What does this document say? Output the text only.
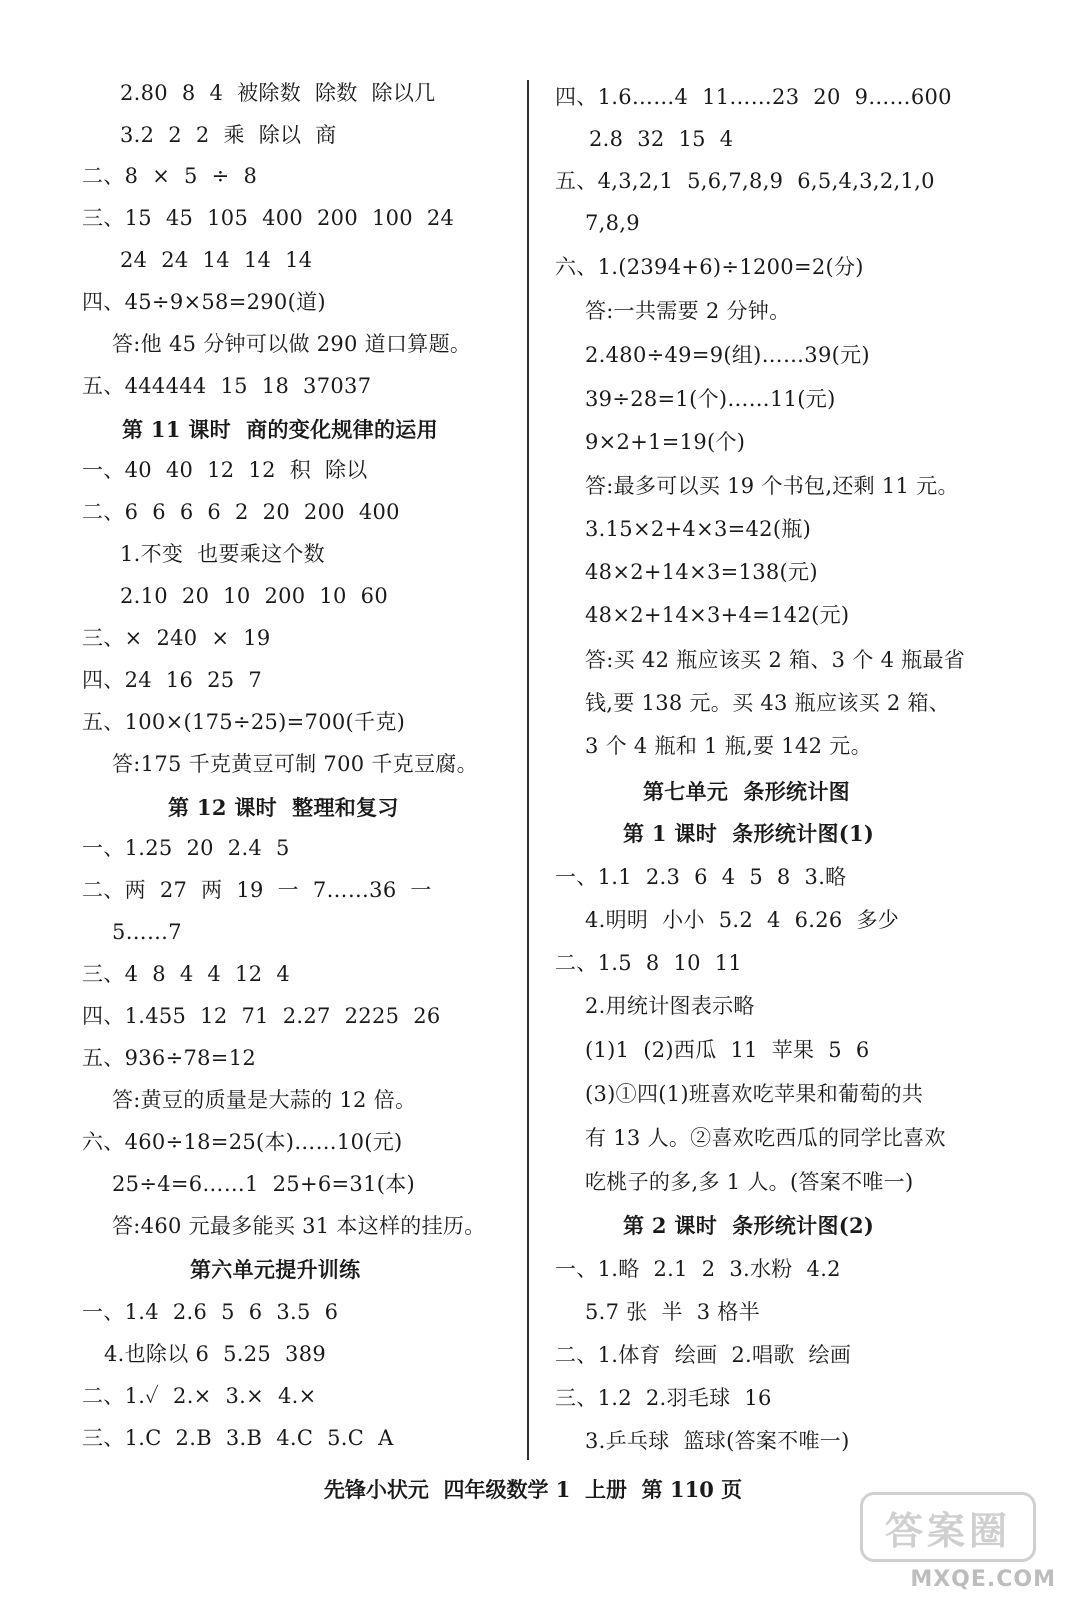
2.80  8  4  被除数  除数  除以几
3.2  2  2  乘  除以  商
二、8  ×  5  ÷  8
三、15  45  105  400  200  100  24
24  24  14  14  14
四、45÷9×58=290(道)
答:他 45 分钟可以做 290 道口算题。
五、444444  15  18  37037
第 11 课时  商的变化规律的运用
一、40  40  12  12  积  除以
二、6  6  6  6  2  20  200  400
1.不变  也要乘这个数
2.10  20  10  200  10  60
三、×  240  ×  19
四、24  16  25  7
五、100×(175÷25)=700(千克)
答:175 千克黄豆可制 700 千克豆腐。
第 12 课时  整理和复习
一、1.25  20  2.4  5
二、两  27  两  19  一  7……36  一
5……7
三、4  8  4  4  12  4
四、1.455  12  71  2.27  2225  26
五、936÷78=12
答:黄豆的质量是大蒜的 12 倍。
六、460÷18=25(本)……10(元)
25÷4=6……1  25+6=31(本)
答:460 元最多能买 31 本这样的挂历。
第六单元提升训练
一、1.4  2.6  5  6  3.5  6
4.也除以 6  5.25  389
二、1.✓  2.×  3.×  4.×
三、1.C  2.B  3.B  4.C  5.C  A
四、1.6……4  11……23  20  9……600
2.8  32  15  4
五、4,3,2,1  5,6,7,8,9  6,5,4,3,2,1,0
7,8,9
六、1.(2394+6)÷1200=2(分)
答:一共需要 2 分钟。
2.480÷49=9(组)……39(元)
39÷28=1(个)……11(元)
9×2+1=19(个)
答:最多可以买 19 个书包,还剩 11 元。
3.15×2+4×3=42(瓶)
48×2+14×3=138(元)
48×2+14×3+4=142(元)
答:买 42 瓶应该买 2 箱、3 个 4 瓶最省
钱,要 138 元。买 43 瓶应该买 2 箱、
3 个 4 瓶和 1 瓶,要 142 元。
第七单元  条形统计图
第 1 课时  条形统计图(1)
一、1.1  2.3  6  4  5  8  3.略
4.明明  小小  5.2  4  6.26  多少
二、1.5  8  10  11
2.用统计图表示略
(1)1  (2)西瓜  11  苹果  5  6
(3)①四(1)班喜欢吃苹果和葡萄的共
有 13 人。②喜欢吃西瓜的同学比喜欢
吃桃子的多,多 1 人。(答案不唯一)
第 2 课时  条形统计图(2)
一、1.略  2.1  2  3.水粉  4.2
5.7 张  半  3 格半
二、1.体育  绘画  2.唱歌  绘画
三、1.2  2.羽毛球  16
3.乒乓球  篮球(答案不唯一)
先锋小状元  四年级数学 1  上册  第 110 页
答案圈
MXQE.COM
